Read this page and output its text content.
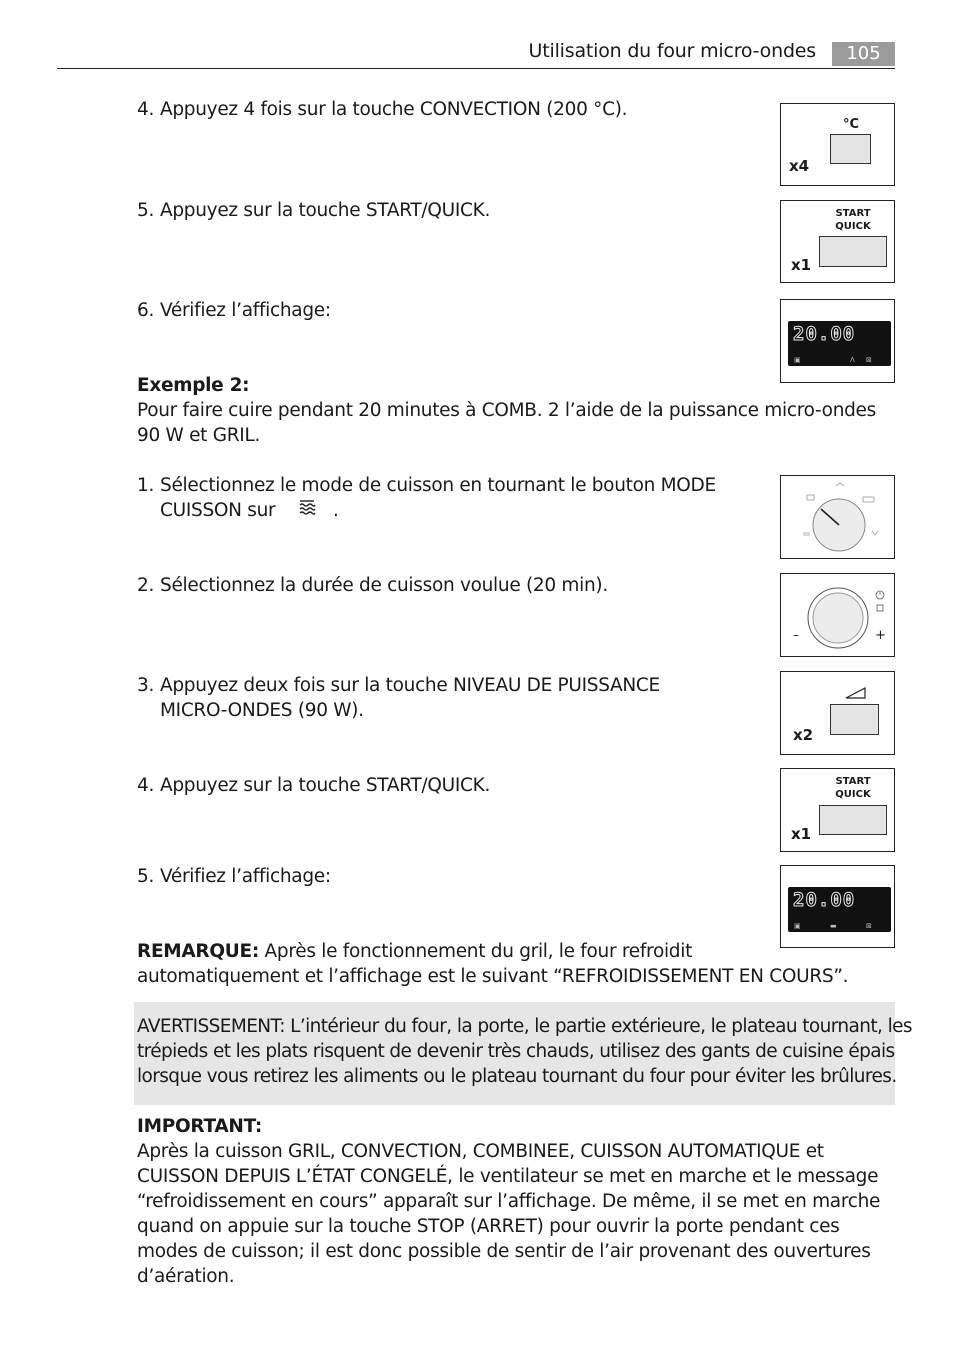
Utilisation du four micro-ondes	105
4. Appuyez 4 fois sur la touche CONVECTION (200 °C).
5. Appuyez sur la touche START/QUICK.
6. Vérifiez l’affichage:
Exemple 2:
Pour faire cuire pendant 20 minutes à COMB. 2 l’aide de la puissance micro-ondes
90 W et GRIL.
1. Sélectionnez le mode de cuisson en tournant le bouton MODE
CUISSON sur	.
2. Sélectionnez la durée de cuisson voulue (20 min).
3. Appuyez deux fois sur la touche NIVEAU DE PUISSANCE
MICRO-ONDES (90 W).
4. Appuyez sur la touche START/QUICK.
5. Vérifiez l’affichage:
REMARQUE: Après le fonctionnement du gril, le four refroidit
automatiquement et l’affichage est le suivant “REFROIDISSEMENT EN COURS”.
AVERTISSEMENT: L’intérieur du four, la porte, le partie extérieure, le plateau tournant, les
trépieds et les plats risquent de devenir très chauds, utilisez des gants de cuisine épais
lorsque vous retirez les aliments ou le plateau tournant du four pour éviter les brûlures.
IMPORTANT:
Après la cuisson GRIL, CONVECTION, COMBINEE, CUISSON AUTOMATIQUE et
CUISSON DEPUIS L’ÉTAT CONGELÉ, le ventilateur se met en marche et le message
“refroidissement en cours” apparaît sur l’affichage. De même, il se met en marche
quand on appuie sur la touche STOP (ARRET) pour ouvrir la porte pendant ces
modes de cuisson; il est donc possible de sentir de l’air provenant des ouvertures
d’aération.
°C
x4
START
QUICK
x1
20.00
▣	ᐱ ⊠
–	+
x2
START
QUICK
x1
20.00
▣	▬	⊠
